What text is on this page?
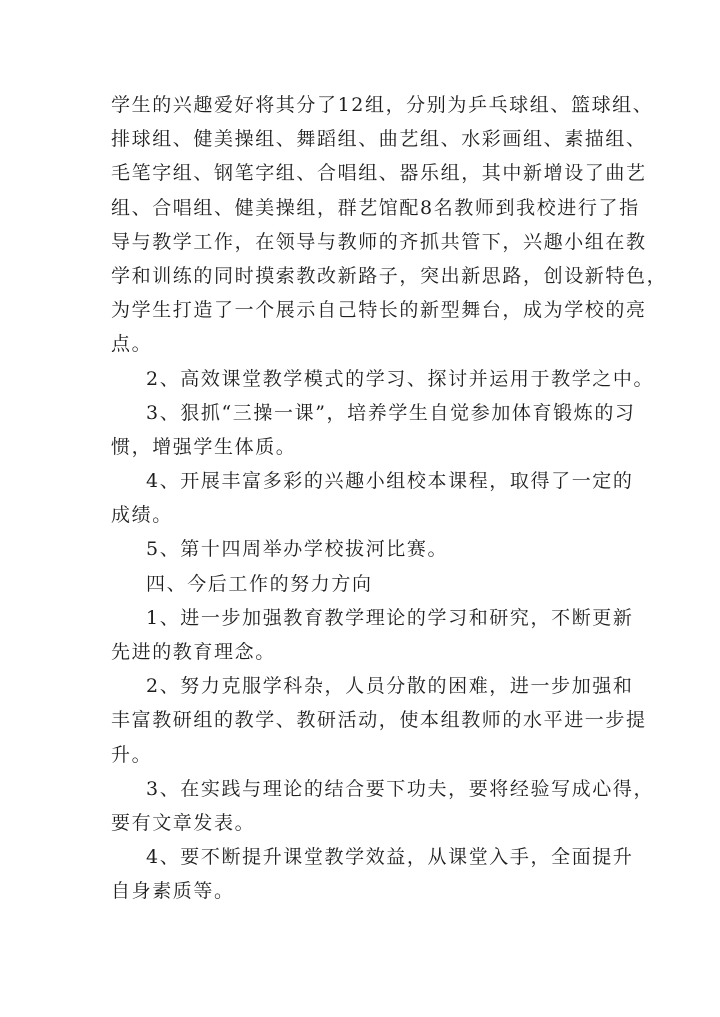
学生的兴趣爱好将其分了12组，分别为乒乓球组、篮球组、
排球组、健美操组、舞蹈组、曲艺组、水彩画组、素描组、
毛笔字组、钢笔字组、合唱组、器乐组，其中新增设了曲艺
组、合唱组、健美操组，群艺馆配8名教师到我校进行了指
导与教学工作，在领导与教师的齐抓共管下，兴趣小组在教
学和训练的同时摸索教改新路子，突出新思路，创设新特色，
为学生打造了一个展示自己特长的新型舞台，成为学校的亮
点。
2、高效课堂教学模式的学习、探讨并运用于教学之中。
3、狠抓“三操一课”，培养学生自觉参加体育锻炼的习
惯，增强学生体质。
4、开展丰富多彩的兴趣小组校本课程，取得了一定的
成绩。
5、第十四周举办学校拔河比赛。
四、今后工作的努力方向
1、进一步加强教育教学理论的学习和研究，不断更新
先进的教育理念。
2、努力克服学科杂，人员分散的困难，进一步加强和
丰富教研组的教学、教研活动，使本组教师的水平进一步提
升。
3、在实践与理论的结合要下功夫，要将经验写成心得，
要有文章发表。
4、要不断提升课堂教学效益，从课堂入手，全面提升
自身素质等。
